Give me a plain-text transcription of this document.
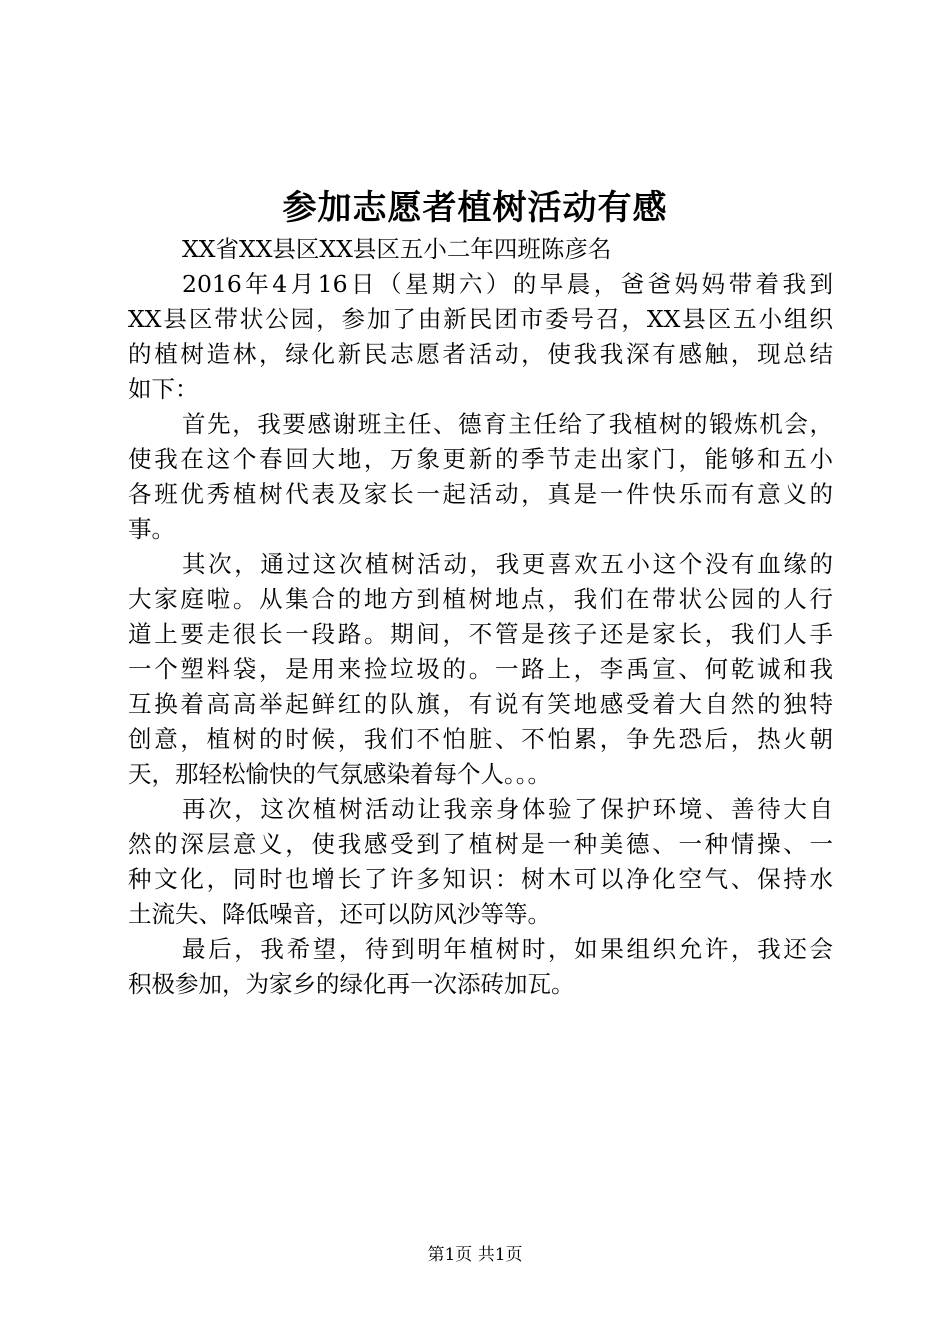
参加志愿者植树活动有感
XX省XX县区XX县区五小二年四班陈彦名
2016年4月16日（星期六）的早晨，爸爸妈妈带着我到
XX县区带状公园，参加了由新民团市委号召，XX县区五小组织
的植树造林，绿化新民志愿者活动，使我我深有感触，现总结
如下：
首先，我要感谢班主任、德育主任给了我植树的锻炼机会，
使我在这个春回大地，万象更新的季节走出家门，能够和五小
各班优秀植树代表及家长一起活动，真是一件快乐而有意义的
事。
其次，通过这次植树活动，我更喜欢五小这个没有血缘的
大家庭啦。从集合的地方到植树地点，我们在带状公园的人行
道上要走很长一段路。期间，不管是孩子还是家长，我们人手
一个塑料袋，是用来捡垃圾的。一路上，李禹宣、何乾诚和我
互换着高高举起鲜红的队旗，有说有笑地感受着大自然的独特
创意，植树的时候，我们不怕脏、不怕累，争先恐后，热火朝
天，那轻松愉快的气氛感染着每个人。。。
再次，这次植树活动让我亲身体验了保护环境、善待大自
然的深层意义，使我感受到了植树是一种美德、一种情操、一
种文化，同时也增长了许多知识：树木可以净化空气、保持水
土流失、降低噪音，还可以防风沙等等。
最后，我希望，待到明年植树时，如果组织允许，我还会
积极参加，为家乡的绿化再一次添砖加瓦。
第1页 共1页
